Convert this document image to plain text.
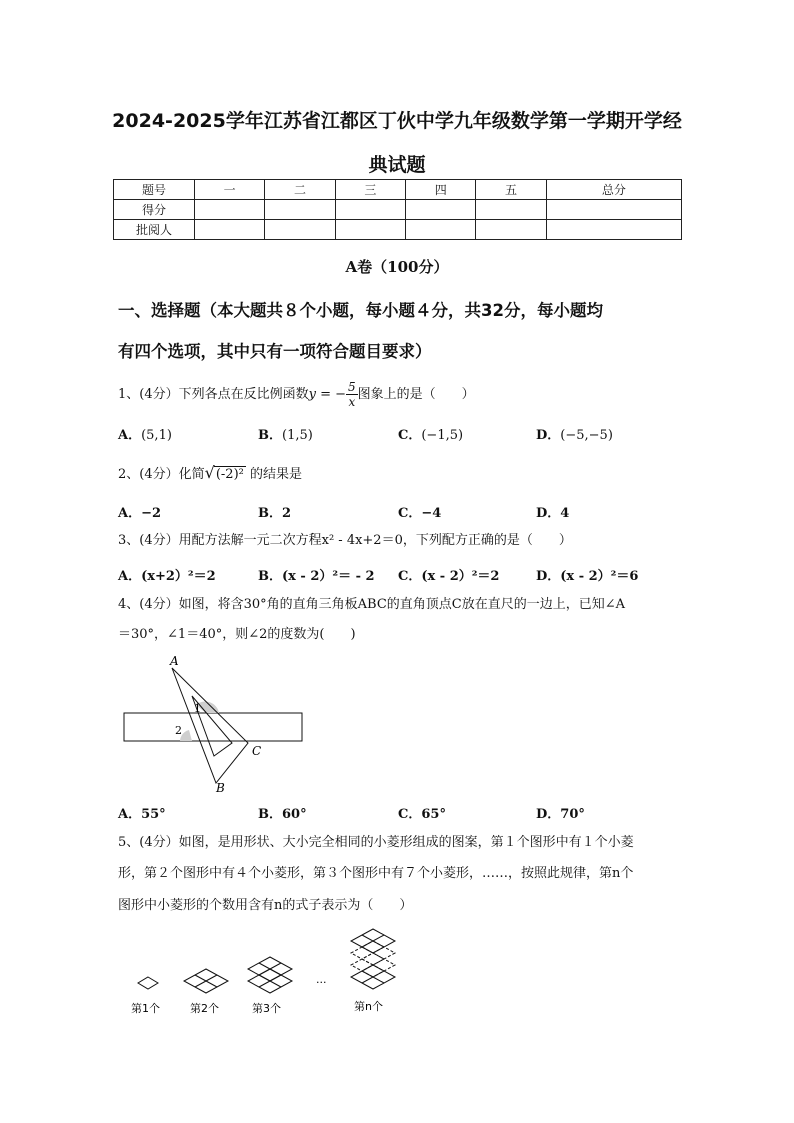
2024-2025学年江苏省江都区丁伙中学九年级数学第一学期开学经
典试题
题号	一	二	三	四	五	总分
得分						
批阅人						
A卷（100分）
一、选择题（本大题共８个小题，每小题４分，共32分，每小题均
有四个选项，其中只有一项符合题目要求）
1、(4分）下列各点在反比例函数y = − $\frac{5}{x}$ 图象上的是（　　）
A．(5,1)	B．(1,5)	C．(−1,5)	D．(−5,−5)
2、(4分）化简√(-2)² 的结果是
A．−2	B．2	C．−4	D．4
3、(4分）用配方法解一元二次方程x² - 4x+2＝0，下列配方正确的是（　　）
A．(x+2）²＝2	B．(x - 2）²＝ - 2 C．(x - 2）²＝2	D．(x - 2）²＝6
4、(4分）如图，将含30°角的直角三角板ABC的直角顶点C放在直尺的一边上，已知∠A
＝30°，∠1＝40°，则∠2的度数为(　　)
A
B
C
1
2
A．55°	B．60°	C．65°	D．70°
5、(4分）如图，是用形状、大小完全相同的小菱形组成的图案，第１个图形中有１个小菱
形，第２个图形中有４个小菱形，第３个图形中有７个小菱形，……，按照此规律，第n个
图形中小菱形的个数用含有n的式子表示为（　　）
...
第1个	第2个	第3个	第n个
